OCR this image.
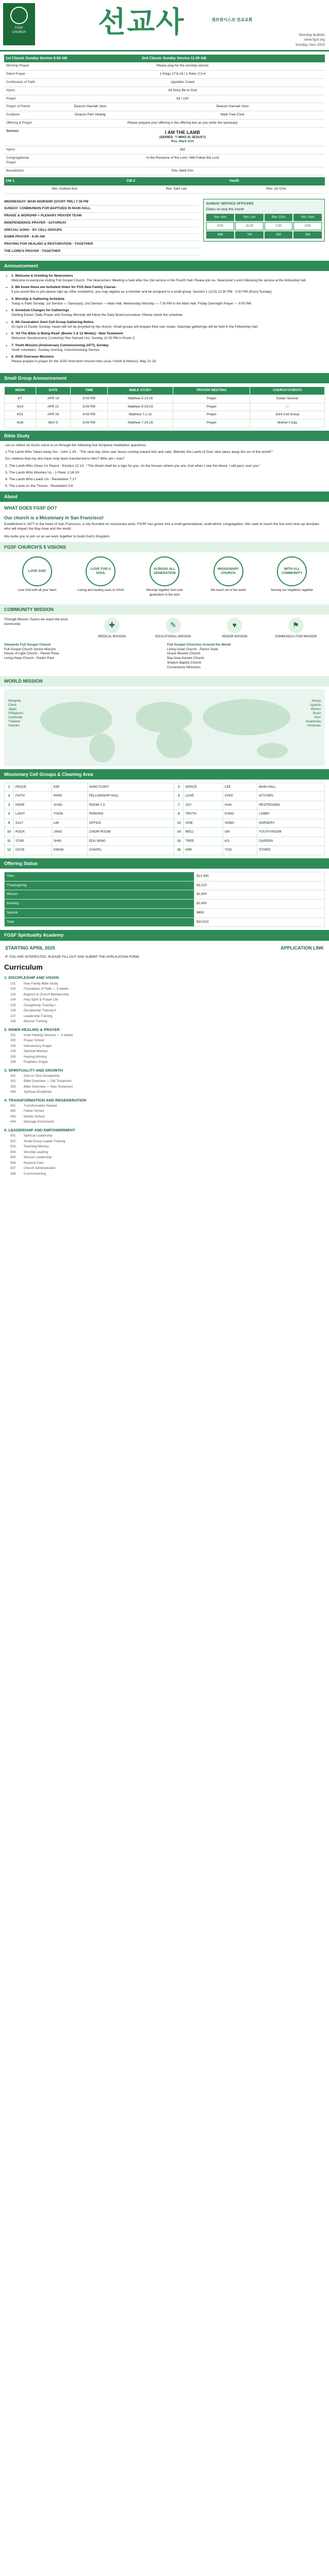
FGSF
CHURCH	선교사	샌프란시스코 선교교회
Worship Bulletin
www.fgsf.org
Sunday, Nov 2024
1st Classic Sunday Service 9:00 AM		2nd Classic Sunday Service 11:00 AM
Worship Prayer	Please pray for the worship service	
Silent Prayer	1 Kings 17:8-16 / 1 Peter 2:3-4	
Confession of Faith	Apostles' Creed	
Hymn	All Glory Be to God	
Prayer	82 / 100	
Prayer of Parish	Deacon Hannah Jeon	Deacon Hannah Jeon
Scripture	Deacon Pam Hwang	Mark Tree Choir
Offering & Prayer	Please prepare your offering in the offering box as you enter the sanctuary	
Sermon	I AM THE LAMB
(SERIES: 'I' WHO IS JESUS?)
Rev. Mark Kim	

Hymn	382	
Congregational Prayer	In the Presence of the Lord / Will Follow the Lord	
Benediction	Rev. Mark Kim	
CM 1	CM 2	Youth
Rev. Andrew Kim	Rev. Sam Lee	Rev. Jin Choi
WEDNESDAY: MAIN WORSHIP (START PM) | 7:30 PM
SUNDAY: COMMUNION FOR BAPTIZED IN MAIN HALL
PRAISE & WORSHIP + PLENARY PRAYER TEAM
INDEPENDENCE PRAYER - SATURDAY
SPECIAL SONG - BY CELL GROUPS
DAWN PRAYER - 6:00 AM
PRAYING FOR HEALING & RESTORATION - TOGETHER
THE LORD'S PRAYER - TOGETHER
SUNDAY SERVICE OFFICERS
Elders on duty this month
Rev. Kim	Rev. Lee	Rev. Choi	Rev. Park
9:00	11:00	1:30	4:00
WM	YM	EM	KM
Announcement
• 1. Welcome & Greeting for Newcomers
Welcome to everyone visiting Full Gospel Church. The Newcomers' Meeting is held after the 2nd service in the Fourth Hall. Please join us. Newcomer Lunch following the service at the fellowship hall.
• 2. We know these are turbulent times for FGS New Family Course.
If you would like to join please sign up. After completion, you may register as a member and be assigned to a small group. Session 1 (11/3) 12:30 PM - 3:30 PM (Every Sunday)
• 3. Worship & Gathering Schedule
Today is Palm Sunday. 1st Service — Sanctuary, 2nd Service — Main Hall. Wednesday Worship — 7:30 PM in the Main Hall. Friday Overnight Prayer — 9:00 PM.
• 4. Schedule Changes for Gatherings
Starting Easter, Daily Prayer and Sunday Worship will follow the Daily Board procedure. Please check the schedule.
• 5. 4th Generation Joint Cell Group Gathering Notice
An April 11 Easter Sunday, meals will not be provided by the church. Small groups will prepare their own meals. Saturday gatherings will be held in the Fellowship Hall.
• 6. 'All The Bible is Being Read' (Books 1 & 12 Weeks) - New Testament
Welcome! Deuteronomy ('Listening' Rev Samuel Lin). Sunday 12:30 PM in Room 3.
• 7. Youth Mission (Anniversary Commissioning 2477), Sunday
Youth volunteers. Sunday morning: Commissioning Service.
• 8. 2025 Overseas Missions
Please prepare in prayer for the 2025 short-term mission trips (Asia / North & Mexico). May 21-29.
Small Group Announcement
WEEK	DATE	TIME	BIBLE STUDY	PRAYER MEETING	CHURCH EVENTS
4/7	APR 14	8:00 PM	Matthew 5:13-16	Prayer	Easter Service
4/14	APR 21	8:00 PM	Matthew 6:19-24	Prayer	—
4/21	APR 28	8:00 PM	Matthew 7:1-12	Prayer	Joint Cell Group
4/28	MAY 5	8:00 PM	Matthew 7:24-29	Prayer	Mother's Day
Bible Study

Let us reflect on God's voice to us through the following five Scripture meditation questions:

1.The Lamb Who Takes Away Sin - John 1:29 - "The next day John saw Jesus coming toward him and said, 'Behold, the Lamb of God, who takes away the sin of the world!'"

Do I believe that my sins have truly been transferred to Him? Who am I now?

2. The Lamb Who Gives Us Peace - Exodus 12:13 - "The blood shall be a sign for you, on the houses where you are. And when I see the blood, I will pass over you."

3. The Lamb Who Washes Us - 1 Peter 1:18-19

4. The Lamb Who Leads Us - Revelation 7:17

5. The Lamb on the Throne - Revelation 5:6

About
WHAT DOES FGSF DO?
Our church is a Missionary in San Francisco!

Established in 1977 in the heart of San Francisco, a city founded on missionary work, FGSF has grown into a multi-generational, multi-ethnic congregation. We seek to reach the lost and raise up disciples who will impact the Bay Area and the world.

We invite you to join us as we work together to build God's Kingdom.

FGSF CHURCH'S 5 VISIONS
LOVE GOD
Love God with all your heart
LOVE FOR A SOUL
Loving and leading souls to Christ
ACROSS ALL GENERATION
Worship together from one generation to the next
MISSIONARY CHURCH
We reach out to the world
WITH ALL COMMUNITY
Serving our neighbors together
COMMUNITY MISSION
Through Mission Teams we reach the local community	✚
MEDICAL MISSION
✎
EDUCATIONAL MISSION
♥
SENIOR MISSION
⚑
COMMUNICA-TION MISSION
Stewards Full Gospel Church
Full Gospel Church Senior Mission
House of Light Church - Pastor Rose
Living Hope Church - Pastor Paul
Full Gospel Churches Around the World
Living Israel Church - Pastor Seok
Grace Mission Church
Bay Area Korean Church
Shalom Baptist Church
Cornerstone Ministries
WORLD MISSION
Mongolia
China
Japan
Philippines
Cambodia
Thailand
Vietnam
Kenya
Uganda
Mexico
Brazil
Peru
Guatemala
Honduras
Missionary Cell Groups & Cleaning Area
1	PEACE	KIM	SANCTUARY	5	GRACE	LEE	MAIN HALL
2	FAITH	PARK	FELLOWSHIP HALL	6	LOVE	CHOI	KITCHEN
3	HOPE	JUNG	ROOM 1-3	7	JOY	HAN	RESTROOMS
4	LIGHT	YOON	PARKING	8	TRUTH	KANG	LOBBY
9	SALT	LIM	OFFICE	13	VINE	SONG	NURSERY
10	ROCK	JANG	CHOIR ROOM	14	WELL	OH	YOUTH ROOM
11	STAR	SHIN	EDU WING	15	TREE	KO	GARDEN
12	DOVE	KWON	CHAPEL	16	ARK	YOO	STAIRS
Offering Status
Tithe	$12,450
Thanksgiving	$3,210
Mission	$1,800
Building	$2,400
Special	$650
Total	$20,510
FGSF Spirituality Academy
STARTING APRIL 2025	APPLICATION LINK
IF YOU ARE INTERESTED, PLEASE FILL OUT AND SUBMIT THE APPLICATION FORM.
Curriculum
1. DISCIPLESHIP AND VISION
101 New Family Bible Study
102 Foundation of Faith — 5 weeks
103 Baptism & Church Membership
104 Holy Spirit & Prayer Life
105 Discipleship Training I
106 Discipleship Training II
107 Leadership Training
108 Mission Training
2. INNER HEALING & PRAYER
201 Inner Healing Seminar — 4 weeks
202 Prayer School
203 Intercessory Prayer
204 Spiritual Warfare
205 Healing Ministry
206 Prophetic Prayer
3. SPIRITUALITY AND GROWTH
301 One on One Discipleship
302 Bible Overview — Old Testament
303 Bible Overview — New Testament
304 Spiritual Disciplines
4. TRANSFORMATION AND REGENERATION
401 Transformation Retreat
402 Father School
403 Mother School
404 Marriage Enrichment
5. LEADERSHIP AND EMPOWERMENT
501 Spiritual Leadership
502 Small Group Leader Training
503 Teaching Ministry
504 Worship Leading
505 Mission Leadership
506 Pastoral Care
507 Church Administration
508 Commissioning
